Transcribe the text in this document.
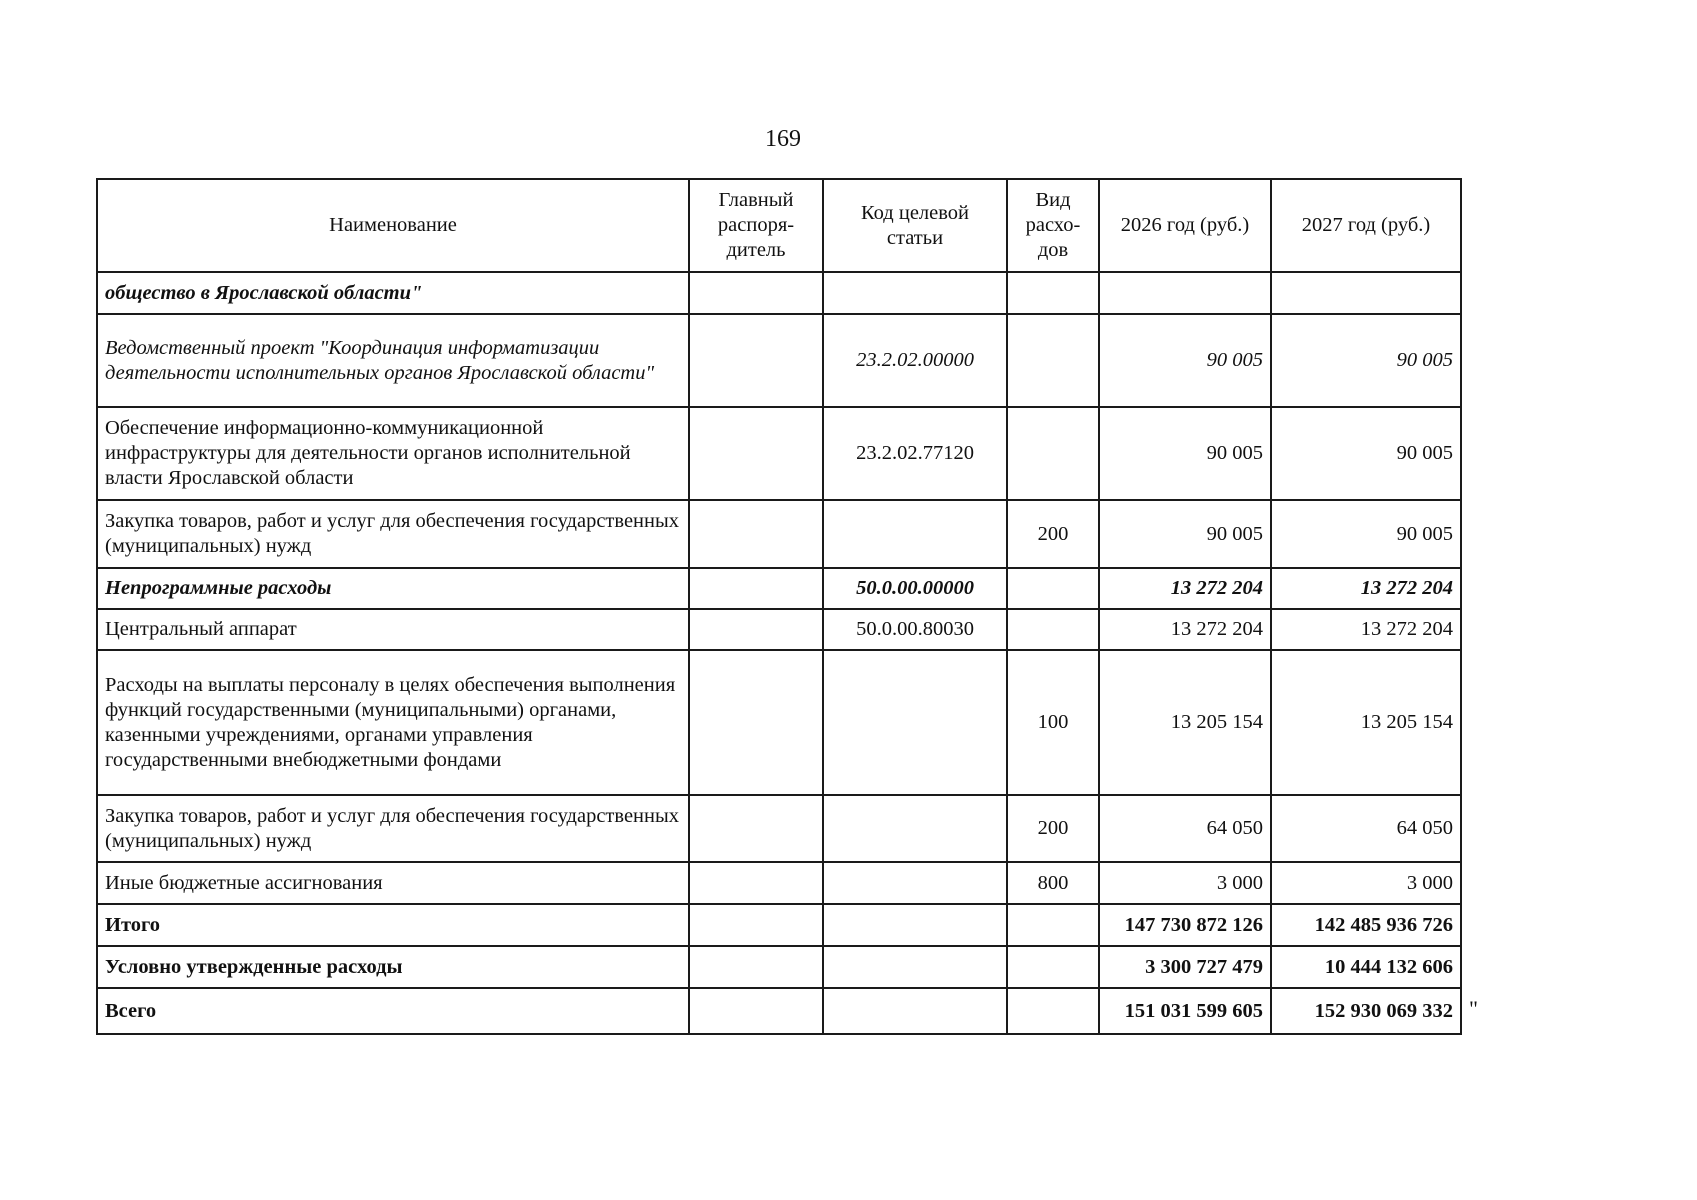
169
Наименование	Главный распоря-дитель	Код целевой статьи	Вид расхо-дов	2026 год (руб.)	2027 год (руб.)
общество в Ярославской области"					
Ведомственный проект "Координация информатизации деятельности исполнительных органов Ярославской области"		23.2.02.00000		90 005	90 005
Обеспечение информационно-коммуникационной инфраструктуры для деятельности органов исполнительной власти Ярославской области		23.2.02.77120		90 005	90 005
Закупка товаров, работ и услуг для обеспечения государственных (муниципальных) нужд			200	90 005	90 005
Непрограммные расходы		50.0.00.00000		13 272 204	13 272 204
Центральный аппарат		50.0.00.80030		13 272 204	13 272 204
Расходы на выплаты персоналу в целях обеспечения выполнения функций государственными (муниципальными) органами, казенными учреждениями, органами управления государственными внебюджетными фондами			100	13 205 154	13 205 154
Закупка товаров, работ и услуг для обеспечения государственных (муниципальных) нужд			200	64 050	64 050
Иные бюджетные ассигнования			800	3 000	3 000
Итого				147 730 872 126	142 485 936 726
Условно утвержденные расходы				3 300 727 479	10 444 132 606
Всего				151 031 599 605	152 930 069 332 "
